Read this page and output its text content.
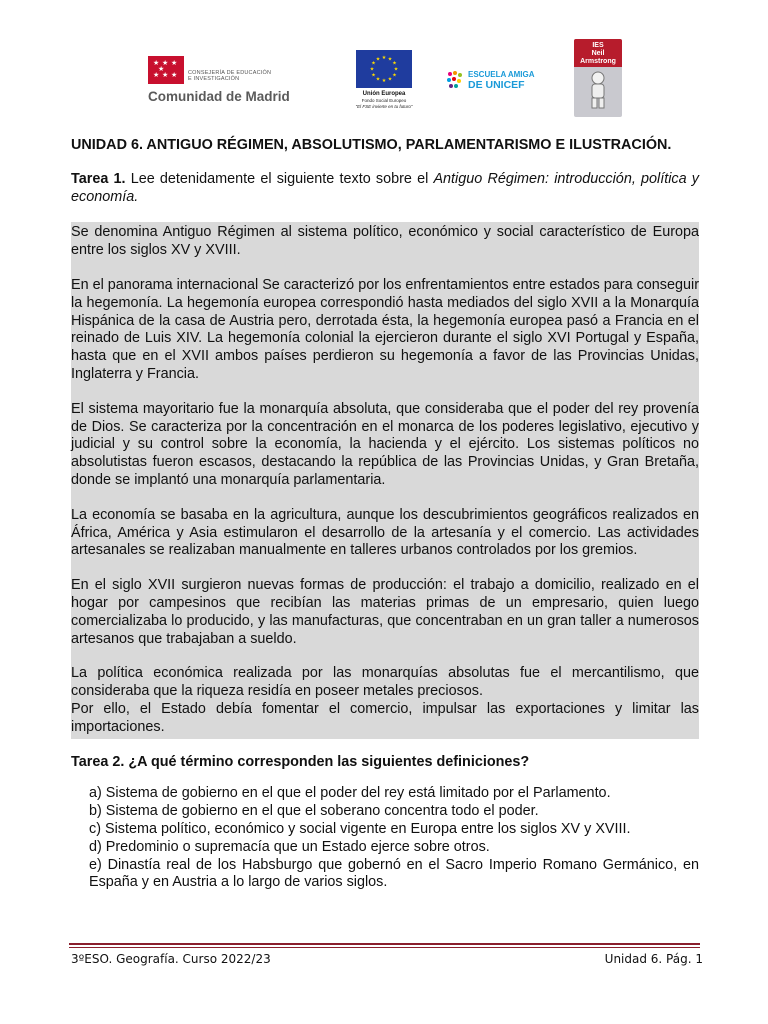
★ ★ ★
★ ★ ★
★	CONSEJERÍA DE EDUCACIÓN
E INVESTIGACIÓN
Comunidad de Madrid
★ ★
★
★
★
★
★
★
★
★
★
★
Unión Europea
Fondo Social Europeo
"El FSE invierte en tu futuro"
ESCUELA AMIGA
DE UNICEF
IES
Neil
Armstrong

UNIDAD 6. ANTIGUO RÉGIMEN, ABSOLUTISMO, PARLAMENTARISMO E ILUSTRACIÓN.

Tarea 1. Lee detenidamente el siguiente texto sobre el Antiguo Régimen: introducción, política y economía.

Se denomina Antiguo Régimen al sistema político, económico y social característico de Europa entre los siglos XV y XVIII.

En el panorama internacional Se caracterizó por los enfrentamientos entre estados para conseguir la hegemonía. La hegemonía europea correspondió hasta mediados del siglo XVII a la Monarquía Hispánica de la casa de Austria pero, derrotada ésta, la hegemonía europea pasó a Francia en el reinado de Luis XIV. La hegemonía colonial la ejercieron durante el siglo XVI Portugal y España, hasta que en el XVII ambos países perdieron su hegemonía a favor de las Provincias Unidas, Inglaterra y Francia.

El sistema mayoritario fue la monarquía absoluta, que consideraba que el poder del rey provenía de Dios. Se caracteriza por la concentración en el monarca de los poderes legislativo, ejecutivo y judicial y su control sobre la economía, la hacienda y el ejército. Los sistemas políticos no absolutistas fueron escasos, destacando la república de las Provincias Unidas, y Gran Bretaña, donde se implantó una monarquía parlamentaria.

La economía se basaba en la agricultura, aunque los descubrimientos geográficos realizados en África, América y Asia estimularon el desarrollo de la artesanía y el comercio. Las actividades artesanales se realizaban manualmente en talleres urbanos controlados por los gremios.

En el siglo XVII surgieron nuevas formas de producción: el trabajo a domicilio, realizado en el hogar por campesinos que recibían las materias primas de un empresario, quien luego comercializaba lo producido, y las manufacturas, que concentraban en un gran taller a numerosos artesanos que trabajaban a sueldo.

La política económica realizada por las monarquías absolutas fue el mercantilismo, que consideraba que la riqueza residía en poseer metales preciosos.

Por ello, el Estado debía fomentar el comercio, impulsar las exportaciones y limitar las importaciones.

Tarea 2. ¿A qué término corresponden las siguientes definiciones?

a) Sistema de gobierno en el que el poder del rey está limitado por el Parlamento.
b) Sistema de gobierno en el que el soberano concentra todo el poder.
c) Sistema político, económico y social vigente en Europa entre los siglos XV y XVIII.
d) Predominio o supremacía que un Estado ejerce sobre otros.
e) Dinastía real de los Habsburgo que gobernó en el Sacro Imperio Romano Germánico, en España y en Austria a lo largo de varios siglos.
3ºESO. Geografía. Curso 2022/23	Unidad 6. Pág. 1
